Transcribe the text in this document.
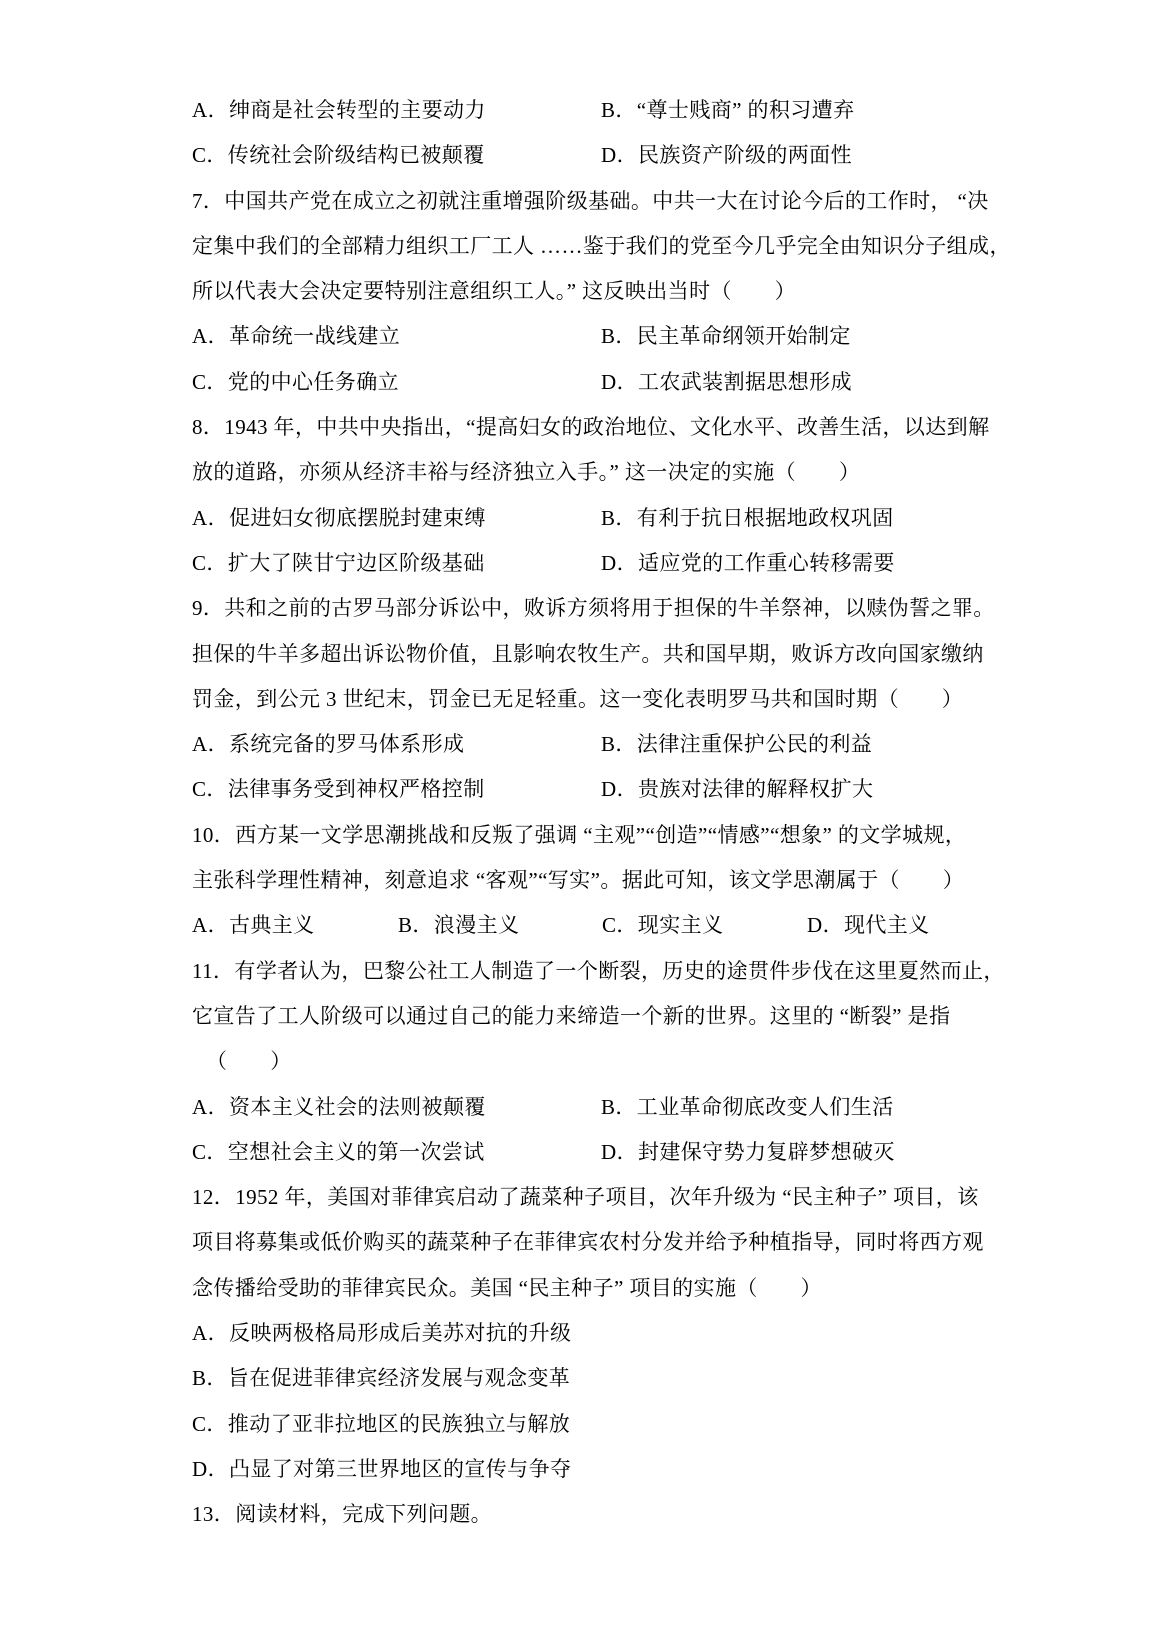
A．绅商是社会转型的主要动力	B．“尊士贱商” 的积习遭弃
C．传统社会阶级结构已被颠覆	D．民族资产阶级的两面性
7．中国共产党在成立之初就注重增强阶级基础。中共一大在讨论今后的工作时， “决
定集中我们的全部精力组织工厂工人 ……鉴于我们的党至今几乎完全由知识分子组成，
所以代表大会决定要特别注意组织工人。” 这反映出当时（　　）
A．革命统一战线建立	B．民主革命纲领开始制定
C．党的中心任务确立	D．工农武装割据思想形成
8．1943 年，中共中央指出，“提高妇女的政治地位、文化水平、改善生活，以达到解
放的道路，亦须从经济丰裕与经济独立入手。” 这一决定的实施（　　）
A．促进妇女彻底摆脱封建束缚	B．有利于抗日根据地政权巩固
C．扩大了陕甘宁边区阶级基础	D．适应党的工作重心转移需要
9．共和之前的古罗马部分诉讼中，败诉方须将用于担保的牛羊祭神，以赎伪誓之罪。
担保的牛羊多超出诉讼物价值，且影响农牧生产。共和国早期，败诉方改向国家缴纳
罚金，到公元 3 世纪末，罚金已无足轻重。这一变化表明罗马共和国时期（　　）
A．系统完备的罗马体系形成	B．法律注重保护公民的利益
C．法律事务受到神权严格控制	D．贵族对法律的解释权扩大
10．西方某一文学思潮挑战和反叛了强调 “主观”“创造”“情感”“想象” 的文学城规，
主张科学理性精神，刻意追求 “客观”“写实”。据此可知，该文学思潮属于（　　）
A．古典主义	B．浪漫主义	C．现实主义	D．现代主义
11．有学者认为，巴黎公社工人制造了一个断裂，历史的途贯件步伐在这里夏然而止，
它宣告了工人阶级可以通过自己的能力来缔造一个新的世界。这里的 “断裂” 是指
（　　）
A．资本主义社会的法则被颠覆	B．工业革命彻底改变人们生活
C．空想社会主义的第一次尝试	D．封建保守势力复辟梦想破灭
12．1952 年，美国对菲律宾启动了蔬菜种子项目，次年升级为 “民主种子” 项目，该
项目将募集或低价购买的蔬菜种子在菲律宾农村分发并给予种植指导，同时将西方观
念传播给受助的菲律宾民众。美国 “民主种子” 项目的实施（　　）
A．反映两极格局形成后美苏对抗的升级
B．旨在促进菲律宾经济发展与观念变革
C．推动了亚非拉地区的民族独立与解放
D．凸显了对第三世界地区的宣传与争夺
13．阅读材料，完成下列问题。
